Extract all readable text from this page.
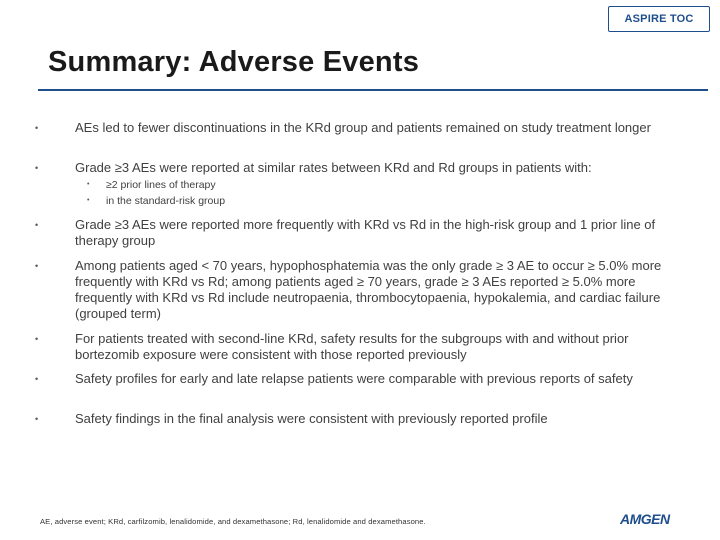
ASPIRE TOC
Summary: Adverse Events
•	AEs led to fewer discontinuations in the KRd group and patients remained on study treatment longer
•	Grade ≥3 AEs were reported at similar rates between KRd and Rd groups in patients with:
• ≥2 prior lines of therapy
• in the standard-risk group
•	Grade ≥3 AEs were reported more frequently with KRd vs Rd in the high-risk group and 1 prior line of therapy group
•	Among patients aged < 70 years, hypophosphatemia was the only grade ≥ 3 AE to occur ≥ 5.0% more frequently with KRd vs Rd; among patients aged ≥ 70 years, grade ≥ 3 AEs reported ≥ 5.0% more frequently with KRd vs Rd include neutropaenia, thrombocytopaenia, hypokalemia, and cardiac failure (grouped term)
•	For patients treated with second-line KRd, safety results for the subgroups with and without prior bortezomib exposure were consistent with those reported previously
•	Safety profiles for early and late relapse patients were comparable with previous reports of safety
•	Safety findings in the final analysis were consistent with previously reported profile
AE, adverse event; KRd, carfilzomib, lenalidomide, and dexamethasone; Rd, lenalidomide and dexamethasone.	AMGEN
